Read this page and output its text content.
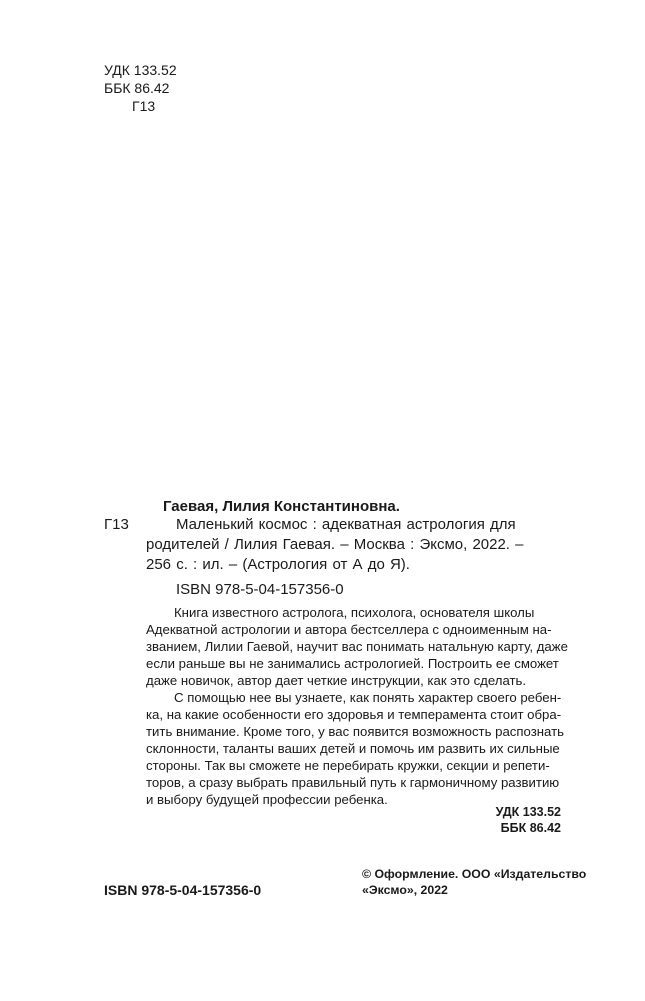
УДК 133.52
ББК 86.42
Г13
Гаевая, Лилия Константиновна.
Г13	Маленький космос : адекватная астрология для
родителей / Лилия Гаевая. – Москва : Эксмо, 2022. –
256 с. : ил. – (Астрология от А до Я).
ISBN 978-5-04-157356-0
Книга известного астролога, психолога, основателя школы
Адекватной астрологии и автора бестселлера с одноименным на-
званием, Лилии Гаевой, научит вас понимать натальную карту, даже
если раньше вы не занимались астрологией. Построить ее сможет
даже новичок, автор дает четкие инструкции, как это сделать.
С помощью нее вы узнаете, как понять характер своего ребен-
ка, на какие особенности его здоровья и темперамента стоит обра-
тить внимание. Кроме того, у вас появится возможность распознать
склонности, таланты ваших детей и помочь им развить их сильные
стороны. Так вы сможете не перебирать кружки, секции и репети-
торов, а сразу выбрать правильный путь к гармоничному развитию
и выбору будущей профессии ребенка.
УДК 133.52
ББК 86.42
ISBN 978-5-04-157356-0
© Оформление. ООО «Издательство
«Эксмо», 2022
